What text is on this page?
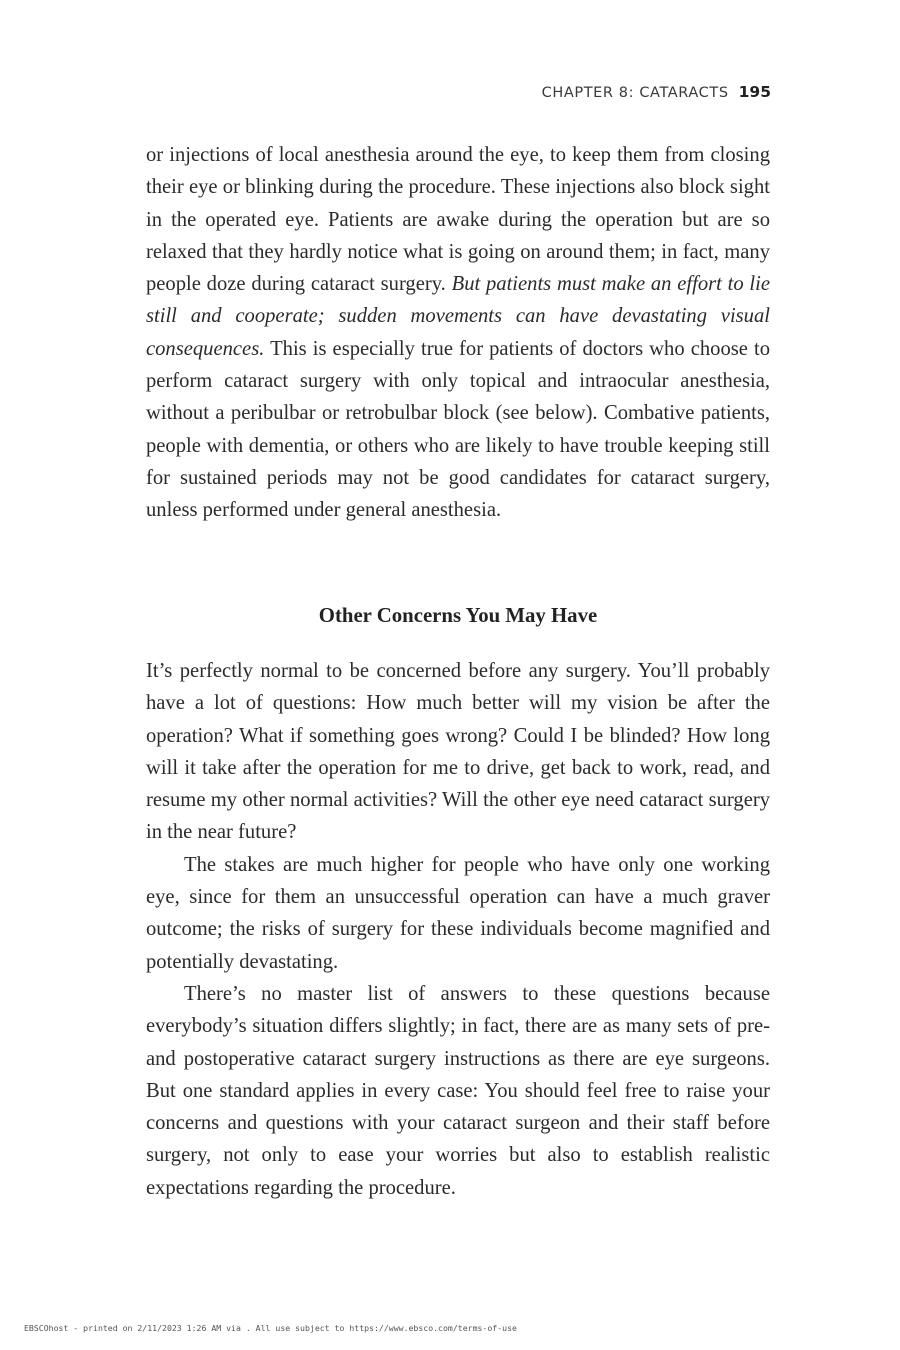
CHAPTER 8: CATARACTS 195

or injections of local anesthesia around the eye, to keep them from closing their eye or blinking during the procedure. These injections also block sight in the operated eye. Patients are awake during the operation but are so relaxed that they hardly notice what is going on around them; in fact, many people doze during cataract surgery. But patients must make an effort to lie still and cooperate; sudden movements can have devastating visual consequences. This is especially true for patients of doctors who choose to perform cataract surgery with only topical and intraocular anesthesia, without a peribulbar or retrobulbar block (see below). Combative patients, people with dementia, or others who are likely to have trouble keeping still for sustained periods may not be good candidates for cataract surgery, unless performed under general anesthesia.

Other Concerns You May Have

It’s perfectly normal to be concerned before any surgery. You’ll probably have a lot of questions: How much better will my vision be after the operation? What if something goes wrong? Could I be blinded? How long will it take after the operation for me to drive, get back to work, read, and resume my other normal activities? Will the other eye need cataract surgery in the near future?

The stakes are much higher for people who have only one working eye, since for them an unsuccessful operation can have a much graver outcome; the risks of surgery for these individuals become magnified and potentially devastating.

There’s no master list of answers to these questions because everybody’s situation differs slightly; in fact, there are as many sets of pre- and postoperative cataract surgery instructions as there are eye surgeons. But one standard applies in every case: You should feel free to raise your concerns and questions with your cataract surgeon and their staff before surgery, not only to ease your worries but also to establish realistic expectations regarding the procedure.

EBSCOhost - printed on 2/11/2023 1:26 AM via . All use subject to https://www.ebsco.com/terms-of-use
